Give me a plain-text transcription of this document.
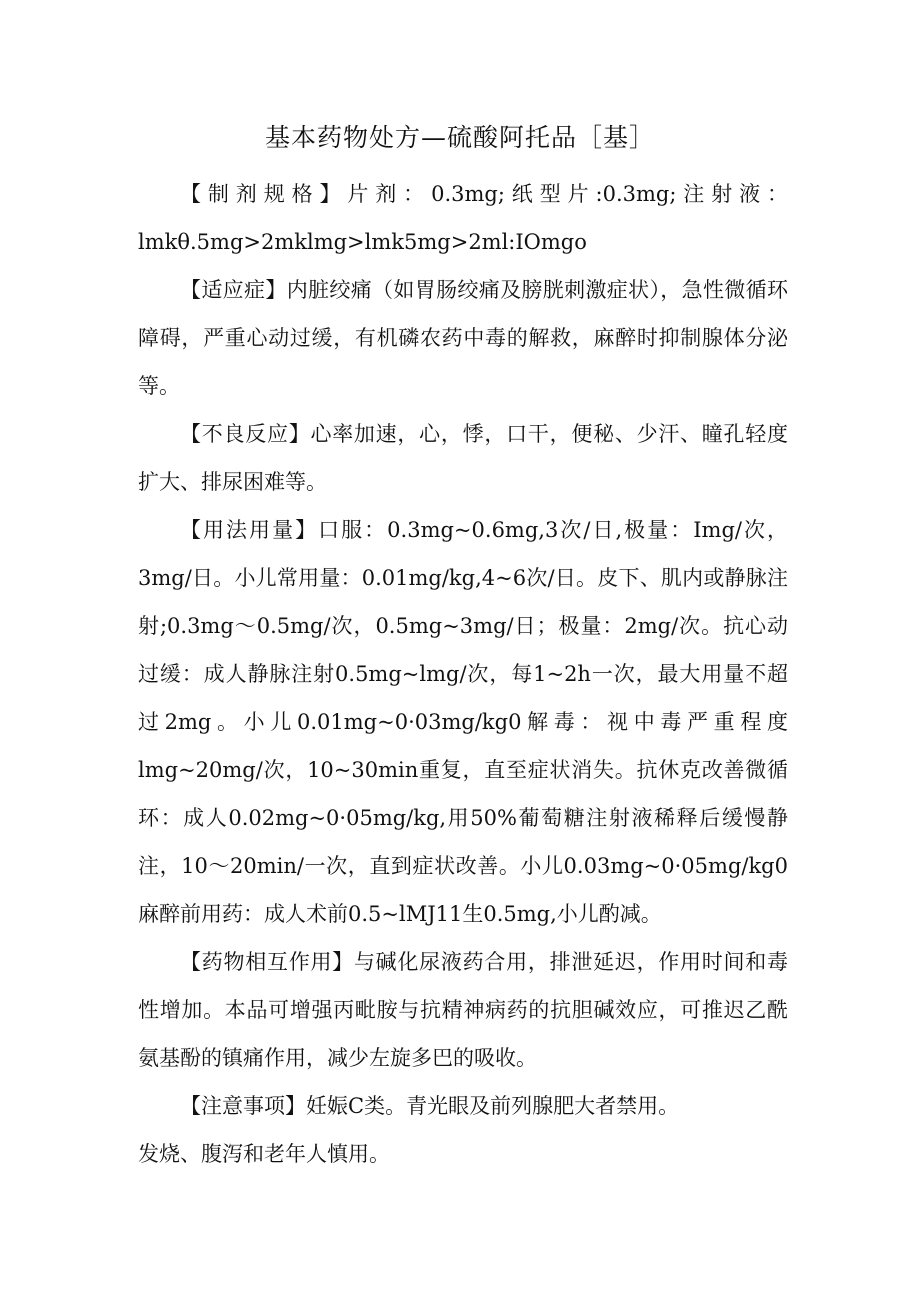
基本药物处方—硫酸阿托品［基］

【制剂规格】片剂：0.3mg;纸型片:0.3mg;注射液：lmkθ.5mg>2mklmg>lmk5mg>2ml:IOmgo

【适应症】内脏绞痛（如胃肠绞痛及膀胱刺激症状），急性微循环障碍，严重心动过缓，有机磷农药中毒的解救，麻醉时抑制腺体分泌等。

【不良反应】心率加速，心，悸，口干，便秘、少汗、瞳孔轻度扩大、排尿困难等。

【用法用量】口服：0.3mg~0.6mg,3次/日,极量：Img/次，3mg/日。小儿常用量：0.01mg/kg,4~6次/日。皮下、肌内或静脉注射;0.3mg～0.5mg/次，0.5mg~3mg/日；极量：2mg/次。抗心动过缓：成人静脉注射0.5mg~lmg/次，每1~2h一次，最大用量不超过2mg。小儿0.01mg~0·03mg/kg0解毒：视中毒严重程度lmg~20mg/次，10~30min重复，直至症状消失。抗休克改善微循环：成人0.02mg~0·05mg/kg,用50%葡萄糖注射液稀释后缓慢静注，10～20min/一次，直到症状改善。小儿0.03mg~0·05mg/kg0麻醉前用药：成人术前0.5~lMJ11生0.5mg,小儿酌减。

【药物相互作用】与碱化尿液药合用，排泄延迟，作用时间和毒性增加。本品可增强丙毗胺与抗精神病药的抗胆碱效应，可推迟乙酰氨基酚的镇痛作用，减少左旋多巴的吸收。

【注意事项】妊娠C类。青光眼及前列腺肥大者禁用。

发烧、腹泻和老年人慎用。
